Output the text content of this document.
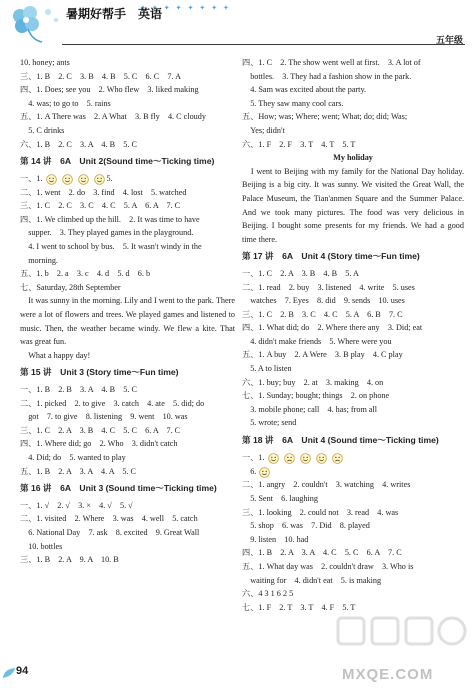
✦✦✦✦✦✦✦✦
暑期好帮手　英语
五年级
10. honey; ants
三、1. B　2. C　3. B　4. B　5. C　6. C　7. A
四、1. Does; see you　2. Who flew　3. liked making
　4. was; to go to　5. rains
五、1. A There was　2. A What　3. B fly　4. C cloudy
　5. C drinks
六、1. B　2. C　3. A　4. B　5. C
第 14 讲　6A　Unit 2(Sound time～Ticking time)
一、1.	5.
二、1. went　2. do　3. find　4. lost　5. watched
三、1. C　2. C　3. C　4. C　5. A　6. A　7. C
四、1. We climbed up the hill.　2. It was time to have
　supper.　3. They played games in the playground.
　4. I went to school by bus.　5. It wasn't windy in the
　morning.
五、1. b　2. a　3. c　4. d　5. d　6. b
七、Saturday, 28th September
　It was sunny in the morning. Lily and I went to the park. There were a lot of flowers and trees. We played games and listened to music. Then, the weather became windy. We flew a kite. That was great fun.
　What a happy day!
第 15 讲　Unit 3 (Story time～Fun time)
一、1. B　2. B　3. A　4. B　5. C
二、1. picked　2. to give　3. catch　4. ate　5. did; do
　got　7. to give　8. listening　9. went　10. was
三、1. C　2. A　3. B　4. C　5. C　6. A　7. C
四、1. Where did; go　2. Who　3. didn't catch
　4. Did; do　5. wanted to play
五、1. B　2. A　3. A　4. A　5. C
第 16 讲　6A　Unit 3 (Sound time～Ticking time)
一、1. √　2. √　3. ×　4. √　5. √
二、1. visited　2. Where　3. was　4. well　5. catch
　6. National Day　7. ask　8. excited　9. Great Wall
　10. bottles
三、1. B　2. A　9. A　10. B
四、1. C　2. The show went well at first.　3. A lot of
　bottles.　3. They had a fashion show in the park.
　4. Sam was excited about the party.
　5. They saw many cool cars.
五、How; was; Where; went; What; do; did; Was;
　Yes; didn't
六、1. F　2. F　3. T　4. T　5. T
My holiday
　I went to Beijing with my family for the National Day holiday. Beijing is a big city. It was sunny. We visited the Great Wall, the Palace Museum, the Tian'anmen Square and the Summer Palace. And we took many pictures. The food was very delicious in Beijing. I bought some presents for my friends. We had a good time there.
第 17 讲　6A　Unit 4 (Story time～Fun time)
一、1. C　2. A　3. B　4. B　5. A
二、1. read　2. buy　3. listened　4. write　5. uses
　watches　7. Eyes　8. did　9. sends　10. uses
三、1. C　2. B　3. C　4. C　5. A　6. B　7. C
四、1. What did; do　2. Where there any　3. Did; eat
　4. didn't make friends　5. Where were you
五、1. A buy　2. A Were　3. B play　4. C play
　5. A to listen
六、1. buy; buy　2. at　3. making　4. on
七、1. Sunday; bought; things　2. on phone
　3. mobile phone; call　4. has; from all
　5. wrote; send
第 18 讲　6A　Unit 4 (Sound time～Ticking time)
一、1.
　6.
二、1. angry　2. couldn't　3. watching　4. writes
　5. Sent　6. laughing
三、1. looking　2. could not　3. read　4. was
　5. shop　6. was　7. Did　8. played
　9. listen　10. had
四、1. B　2. A　3. A　4. C　5. C　6. A　7. C
五、1. What day was　2. couldn't draw　3. Who is
　waiting for　4. didn't eat　5. is making
六、4 3 1 6 2 5
七、1. F　2. T　3. T　4. F　5. T
94	MXQE.COM
